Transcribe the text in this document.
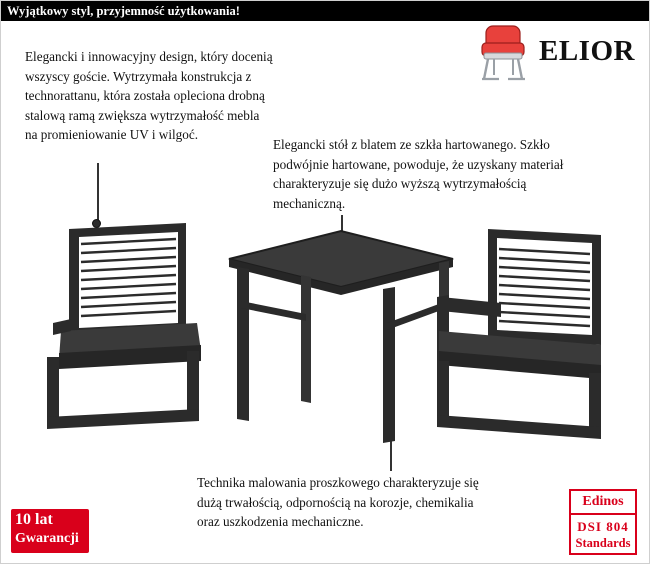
Wyjątkowy styl, przyjemność użytkowania!
ELIOR
Elegancki i innowacyjny design, który docenią wszyscy goście. Wytrzymała konstrukcja z technorattanu, która została opleciona drobną stalową ramą zwiększa wytrzymałość mebla na promieniowanie UV i wilgoć.
Elegancki stół z blatem ze szkła hartowanego. Szkło podwójnie hartowane, powoduje, że uzyskany materiał charakteryzuje się dużo wyższą wytrzymałością mechaniczną.
Technika malowania proszkowego charakteryzuje się dużą trwałością, odpornością na korozje, chemikalia oraz uszkodzenia mechaniczne.
10 lat
Gwarancji
Edinos
DSI 804
Standards
